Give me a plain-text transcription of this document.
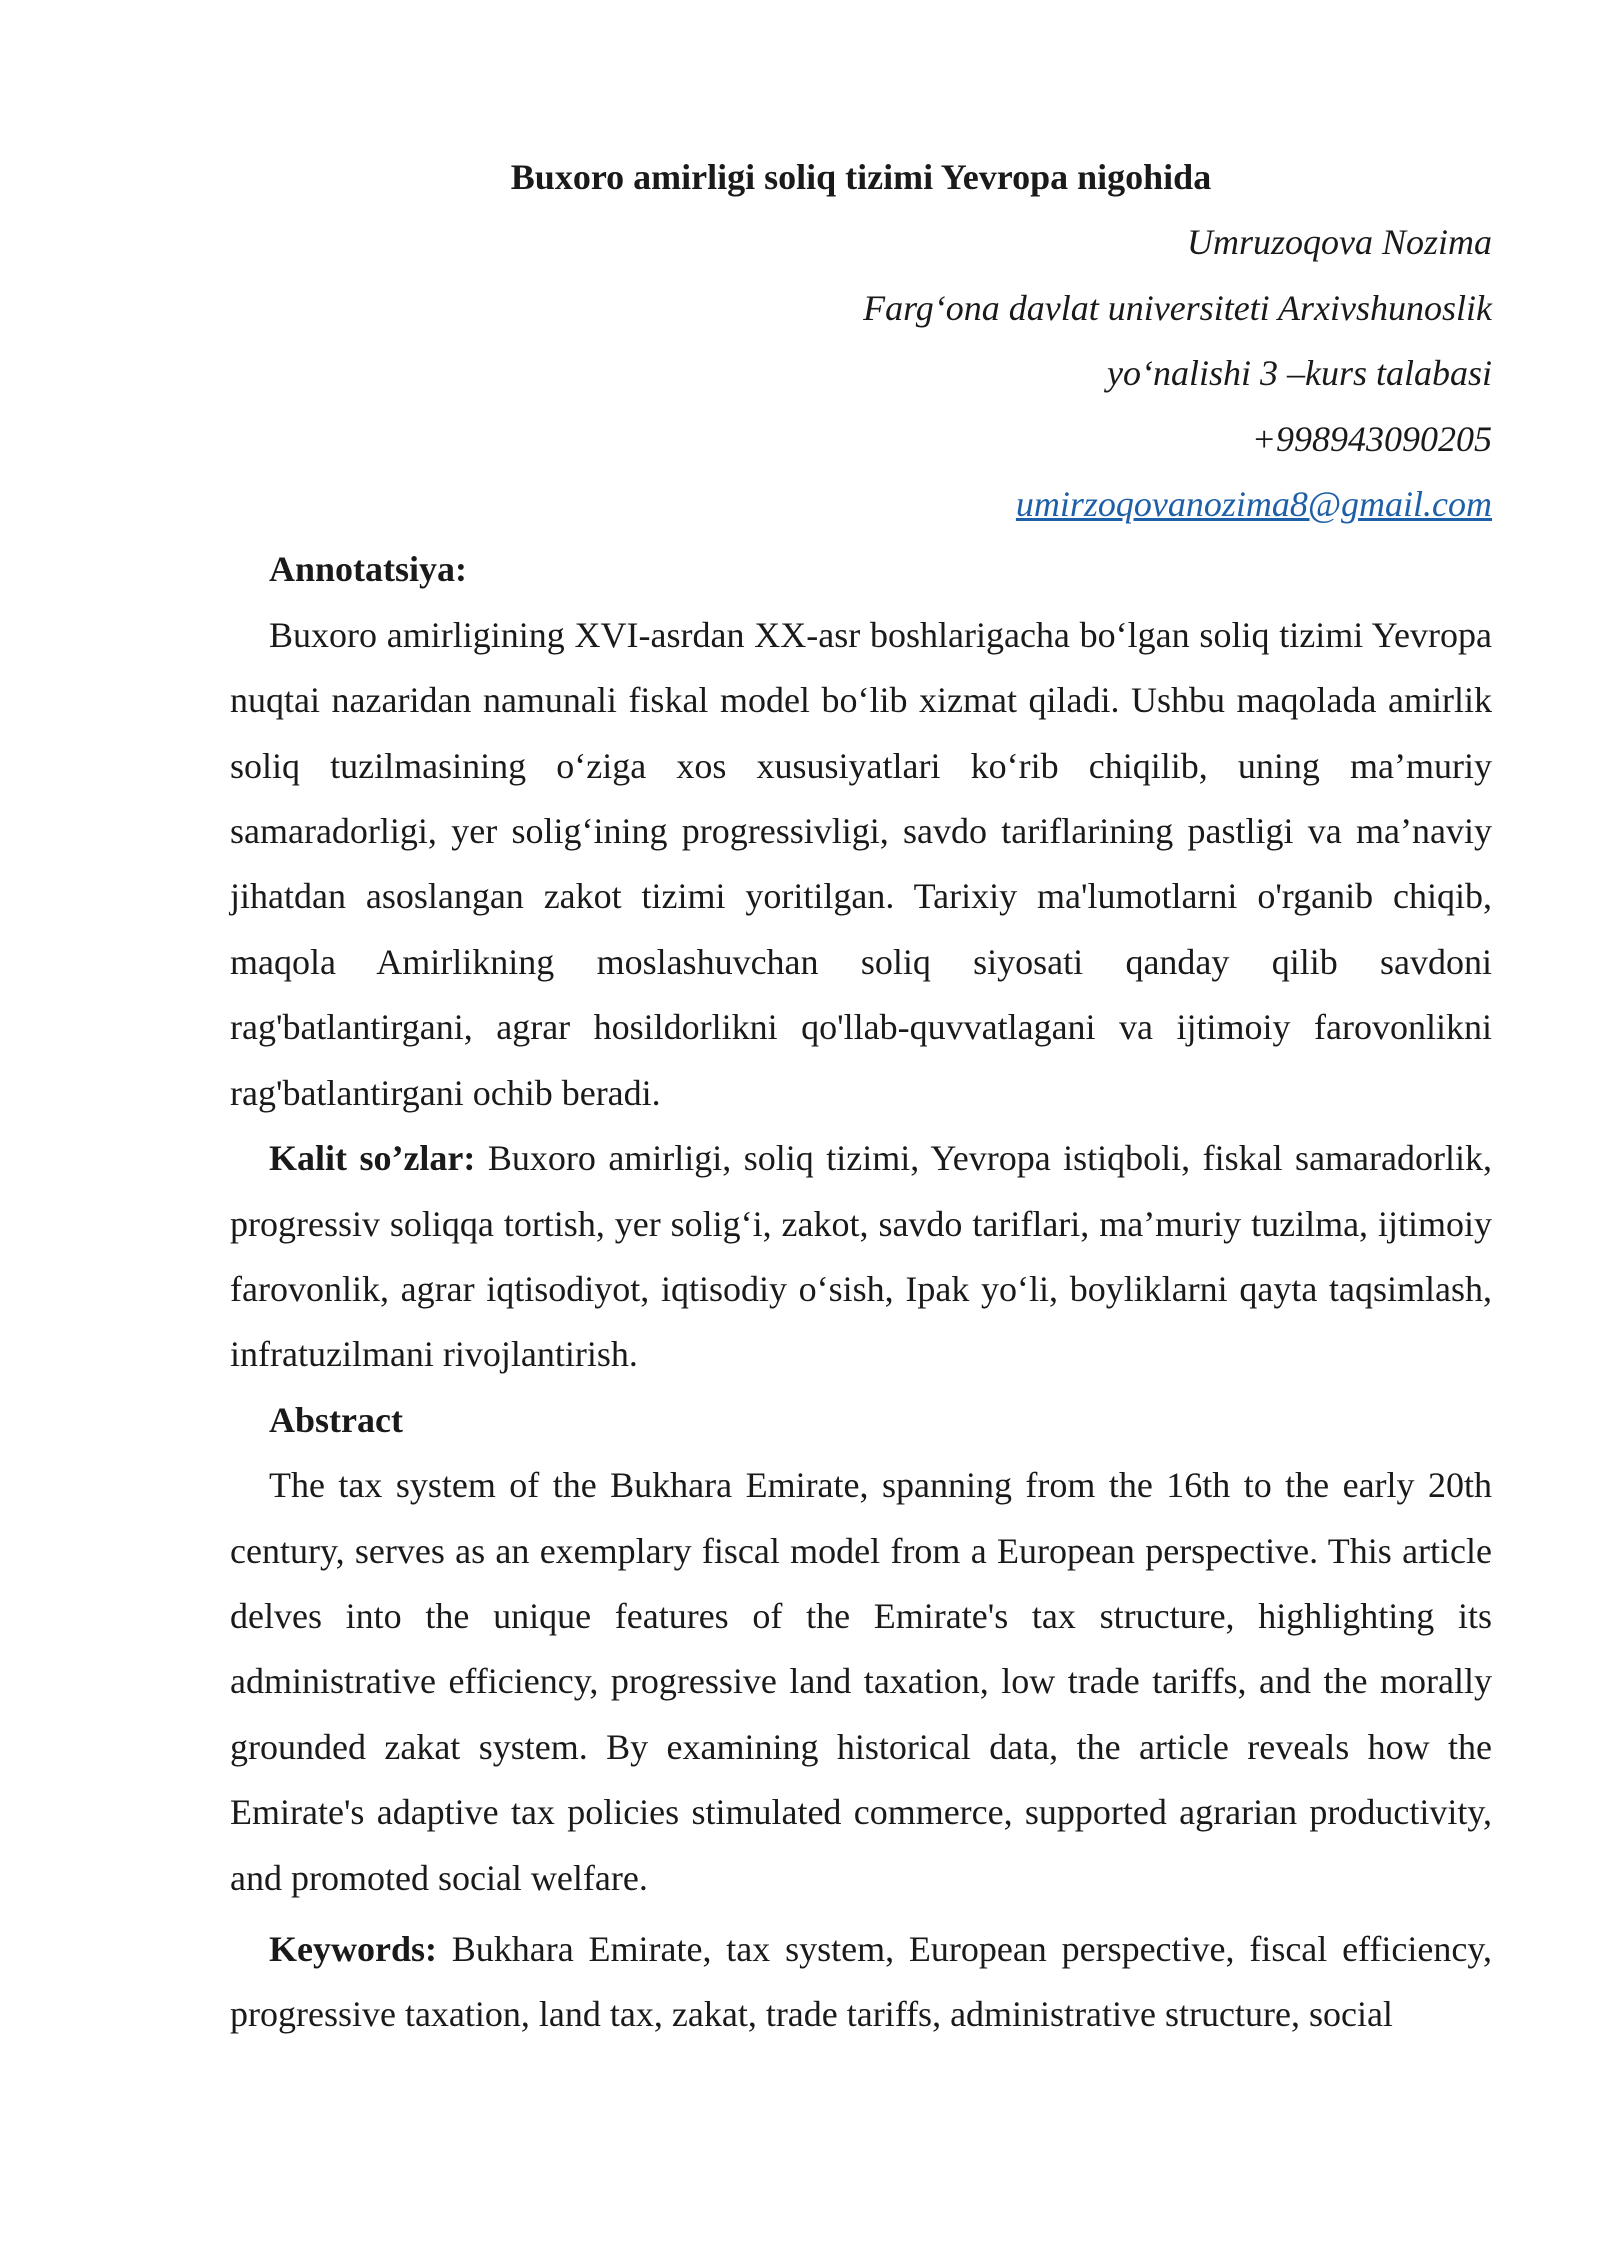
Buxoro amirligi soliq tizimi Yevropa nigohida

Umruzoqova Nozima

Farg‘ona davlat universiteti Arxivshunoslik

yo‘nalishi 3 –kurs talabasi

+998943090205

umirzoqovanozima8@gmail.com

Annotatsiya:

Buxoro amirligining XVI-asrdan XX-asr boshlarigacha bo‘lgan soliq tizimi Yevropa nuqtai nazaridan namunali fiskal model bo‘lib xizmat qiladi. Ushbu maqolada amirlik soliq tuzilmasining o‘ziga xos xususiyatlari ko‘rib chiqilib, uning ma’muriy samaradorligi, yer solig‘ining progressivligi, savdo tariflarining pastligi va ma’naviy jihatdan asoslangan zakot tizimi yoritilgan. Tarixiy ma'lumotlarni o'rganib chiqib, maqola Amirlikning moslashuvchan soliq siyosati qanday qilib savdoni rag'batlantirgani, agrar hosildorlikni qo'llab-quvvatlagani va ijtimoiy farovonlikni rag'batlantirgani ochib beradi.

Kalit so’zlar: Buxoro amirligi, soliq tizimi, Yevropa istiqboli, fiskal samaradorlik, progressiv soliqqa tortish, yer solig‘i, zakot, savdo tariflari, ma’muriy tuzilma, ijtimoiy farovonlik, agrar iqtisodiyot, iqtisodiy o‘sish, Ipak yo‘li, boyliklarni qayta taqsimlash, infratuzilmani rivojlantirish.

Abstract

The tax system of the Bukhara Emirate, spanning from the 16th to the early 20th century, serves as an exemplary fiscal model from a European perspective. This article delves into the unique features of the Emirate's tax structure, highlighting its administrative efficiency, progressive land taxation, low trade tariffs, and the morally grounded zakat system. By examining historical data, the article reveals how the Emirate's adaptive tax policies stimulated commerce, supported agrarian productivity, and promoted social welfare.

Keywords: Bukhara Emirate, tax system, European perspective, fiscal efficiency, progressive taxation, land tax, zakat, trade tariffs, administrative structure, social
